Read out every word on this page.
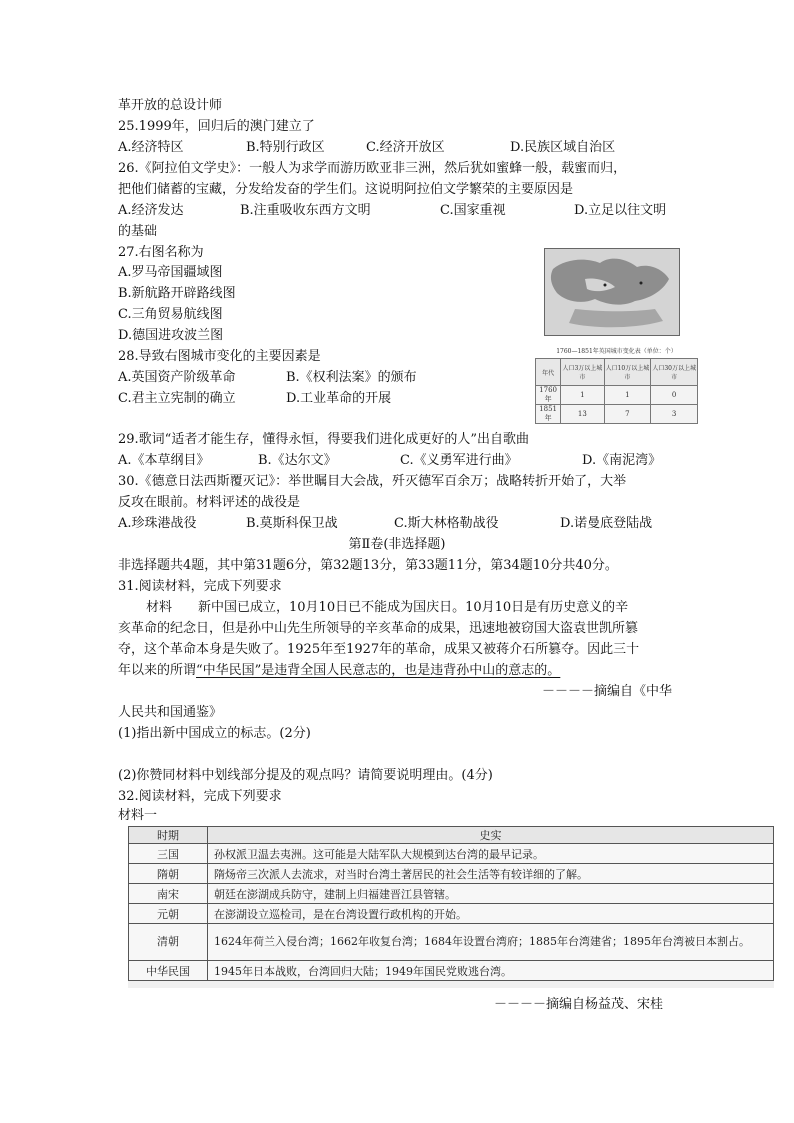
革开放的总设计师
25.1999年，回归后的澳门建立了
A.经济特区	B.特别行政区	C.经济开放区	D.民族区域自治区
26.《阿拉伯文学史》：一般人为求学而游历欧亚非三洲，然后犹如蜜蜂一般，载蜜而归，
把他们储蓄的宝藏，分发给发奋的学生们。这说明阿拉伯文学繁荣的主要原因是
A.经济发达	B.注重吸收东西方文明	C.国家重视	D.立足以往文明
的基础
27.右图名称为
A.罗马帝国疆域图
B.新航路开辟路线图
C.三角贸易航线图
D.德国进攻波兰图
28.导致右图城市变化的主要因素是
A.英国资产阶级革命	B.《权利法案》的颁布
C.君主立宪制的确立	D.工业革命的开展
1760—1851年英国城市变化表（单位：个）
年代	人口3万以上城市	人口10万以上城市	人口30万以上城市
1760年	1	1	0
1851年	13	7	3
29.歌词“适者才能生存，懂得永恒，得要我们进化成更好的人”出自歌曲
A.《本草纲目》	B.《达尔文》	C.《义勇军进行曲》	D.《南泥湾》
30.《德意日法西斯覆灭记》：举世瞩目大会战，歼灭德军百余万；战略转折开始了，大举
反攻在眼前。材料评述的战役是
A.珍珠港战役	B.莫斯科保卫战	C.斯大林格勒战役	D.诺曼底登陆战
第Ⅱ卷(非选择题)
非选择题共4题，其中第31题6分，第32题13分，第33题11分，第34题10分共40分。
31.阅读材料，完成下列要求
材料　　新中国已成立，10月10日已不能成为国庆日。10月10日是有历史意义的辛
亥革命的纪念日，但是孙中山先生所领导的辛亥革命的成果，迅速地被窃国大盗袁世凯所篡
夺，这个革命本身是失败了。1925年至1927年的革命，成果又被蒋介石所篡夺。因此三十
年以来的所谓“中华民国”是违背全国人民意志的，也是违背孙中山的意志的。
－－－－摘编自《中华
人民共和国通鉴》
(1)指出新中国成立的标志。(2分)
(2)你赞同材料中划线部分提及的观点吗？请简要说明理由。(4分)
32.阅读材料，完成下列要求
材料一
时期	史实
三国	孙权派卫温去夷洲。这可能是大陆军队大规模到达台湾的最早记录。
隋朝	隋炀帝三次派人去流求，对当时台湾土著居民的社会生活等有较详细的了解。
南宋	朝廷在澎湖成兵防守，建制上归福建晋江县管辖。
元朝	在澎湖设立巡检司，是在台湾设置行政机构的开始。
清朝	1624年荷兰入侵台湾；1662年收复台湾；1684年设置台湾府；1885年台湾建省；1895年台湾被日本割占。
中华民国	1945年日本战败，台湾回归大陆；1949年国民党败逃台湾。
－－－－摘编自杨益茂、宋桂
